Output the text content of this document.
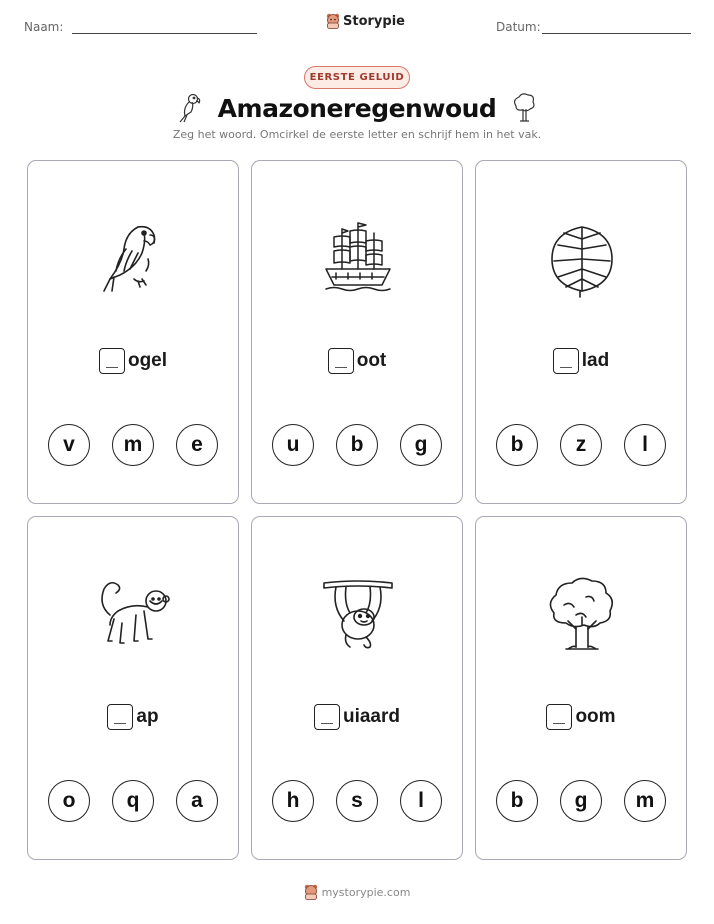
Naam:	Storypie	Datum:
EERSTE GELUID
Amazoneregenwoud
Zeg het woord. Omcirkel de eerste letter en schrijf hem in het vak.
ogel
v	m	e
oot
u	b	g
lad
b	z	l
ap
o	q	a
uiaard
h	s	l
oom
b	g	m
mystorypie.com
